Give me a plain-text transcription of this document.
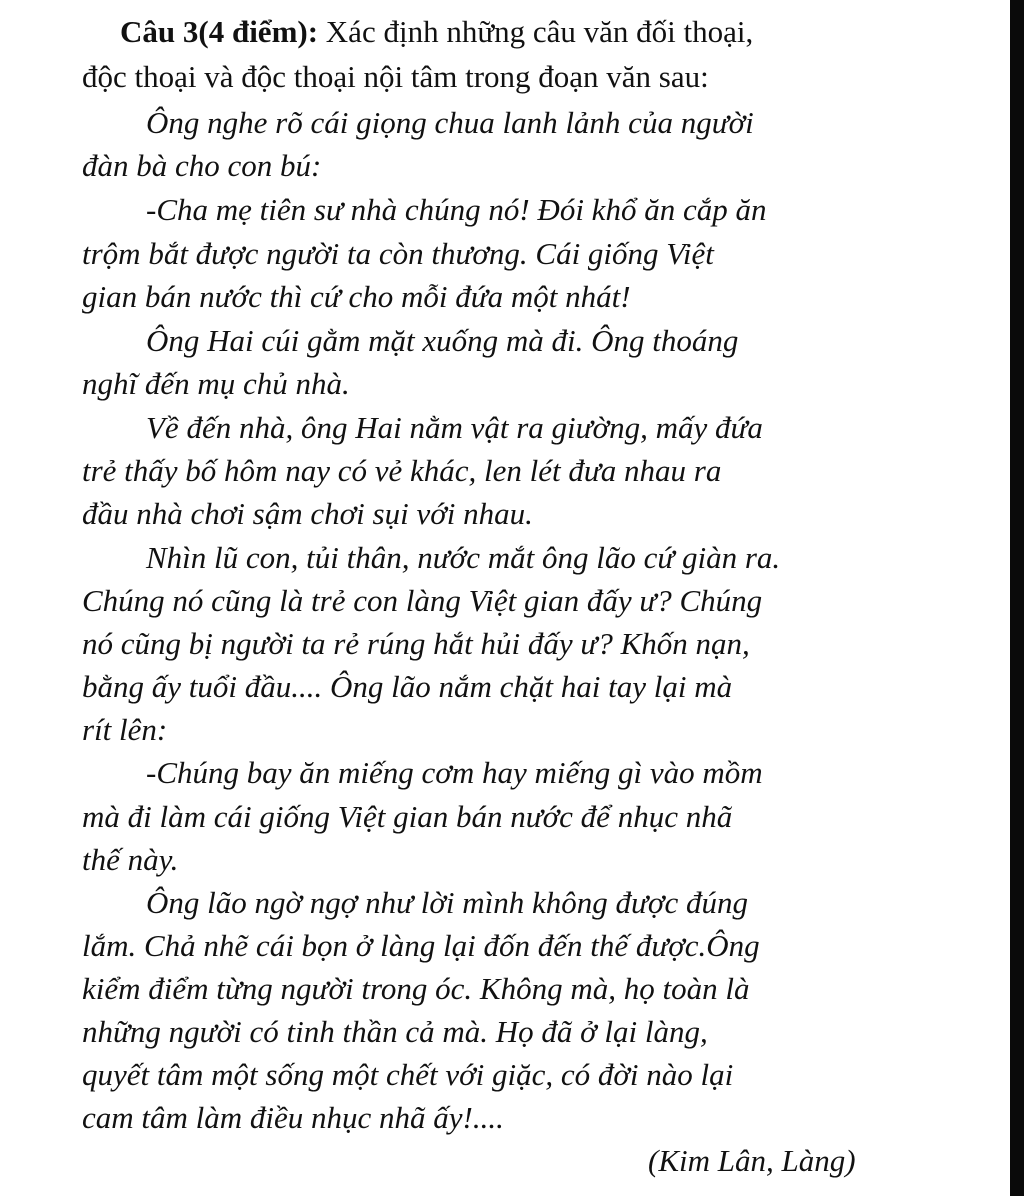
Câu 3(4 điểm): Xác định những câu văn đối thoại,
độc thoại và độc thoại nội tâm trong đoạn văn sau:
Ông nghe rõ cái giọng chua lanh lảnh của người
đàn bà cho con bú:
-Cha mẹ tiên sư nhà chúng nó! Đói khổ ăn cắp ăn
trộm bắt được người ta còn thương. Cái giống Việt
gian bán nước thì cứ cho mỗi đứa một nhát!
Ông Hai cúi gằm mặt xuống mà đi. Ông thoáng
nghĩ đến mụ chủ nhà.
Về đến nhà, ông Hai nằm vật ra giường, mấy đứa
trẻ thấy bố hôm nay có vẻ khác, len lét đưa nhau ra
đầu nhà chơi sậm chơi sụi với nhau.
Nhìn lũ con, tủi thân, nước mắt ông lão cứ giàn ra.
Chúng nó cũng là trẻ con làng Việt gian đấy ư? Chúng
nó cũng bị người ta rẻ rúng hắt hủi đấy ư? Khốn nạn,
bằng ấy tuổi đầu.... Ông lão nắm chặt hai tay lại mà
rít lên:
-Chúng bay ăn miếng cơm hay miếng gì vào mồm
mà đi làm cái giống Việt gian bán nước để nhục nhã
thế này.
Ông lão ngờ ngợ như lời mình không được đúng
lắm. Chả nhẽ cái bọn ở làng lại đốn đến thế được.Ông
kiểm điểm từng người trong óc. Không mà, họ toàn là
những người có tinh thần cả mà. Họ đã ở lại làng,
quyết tâm một sống một chết với giặc, có đời nào lại
cam tâm làm điều nhục nhã ấy!....
(Kim Lân, Làng)
